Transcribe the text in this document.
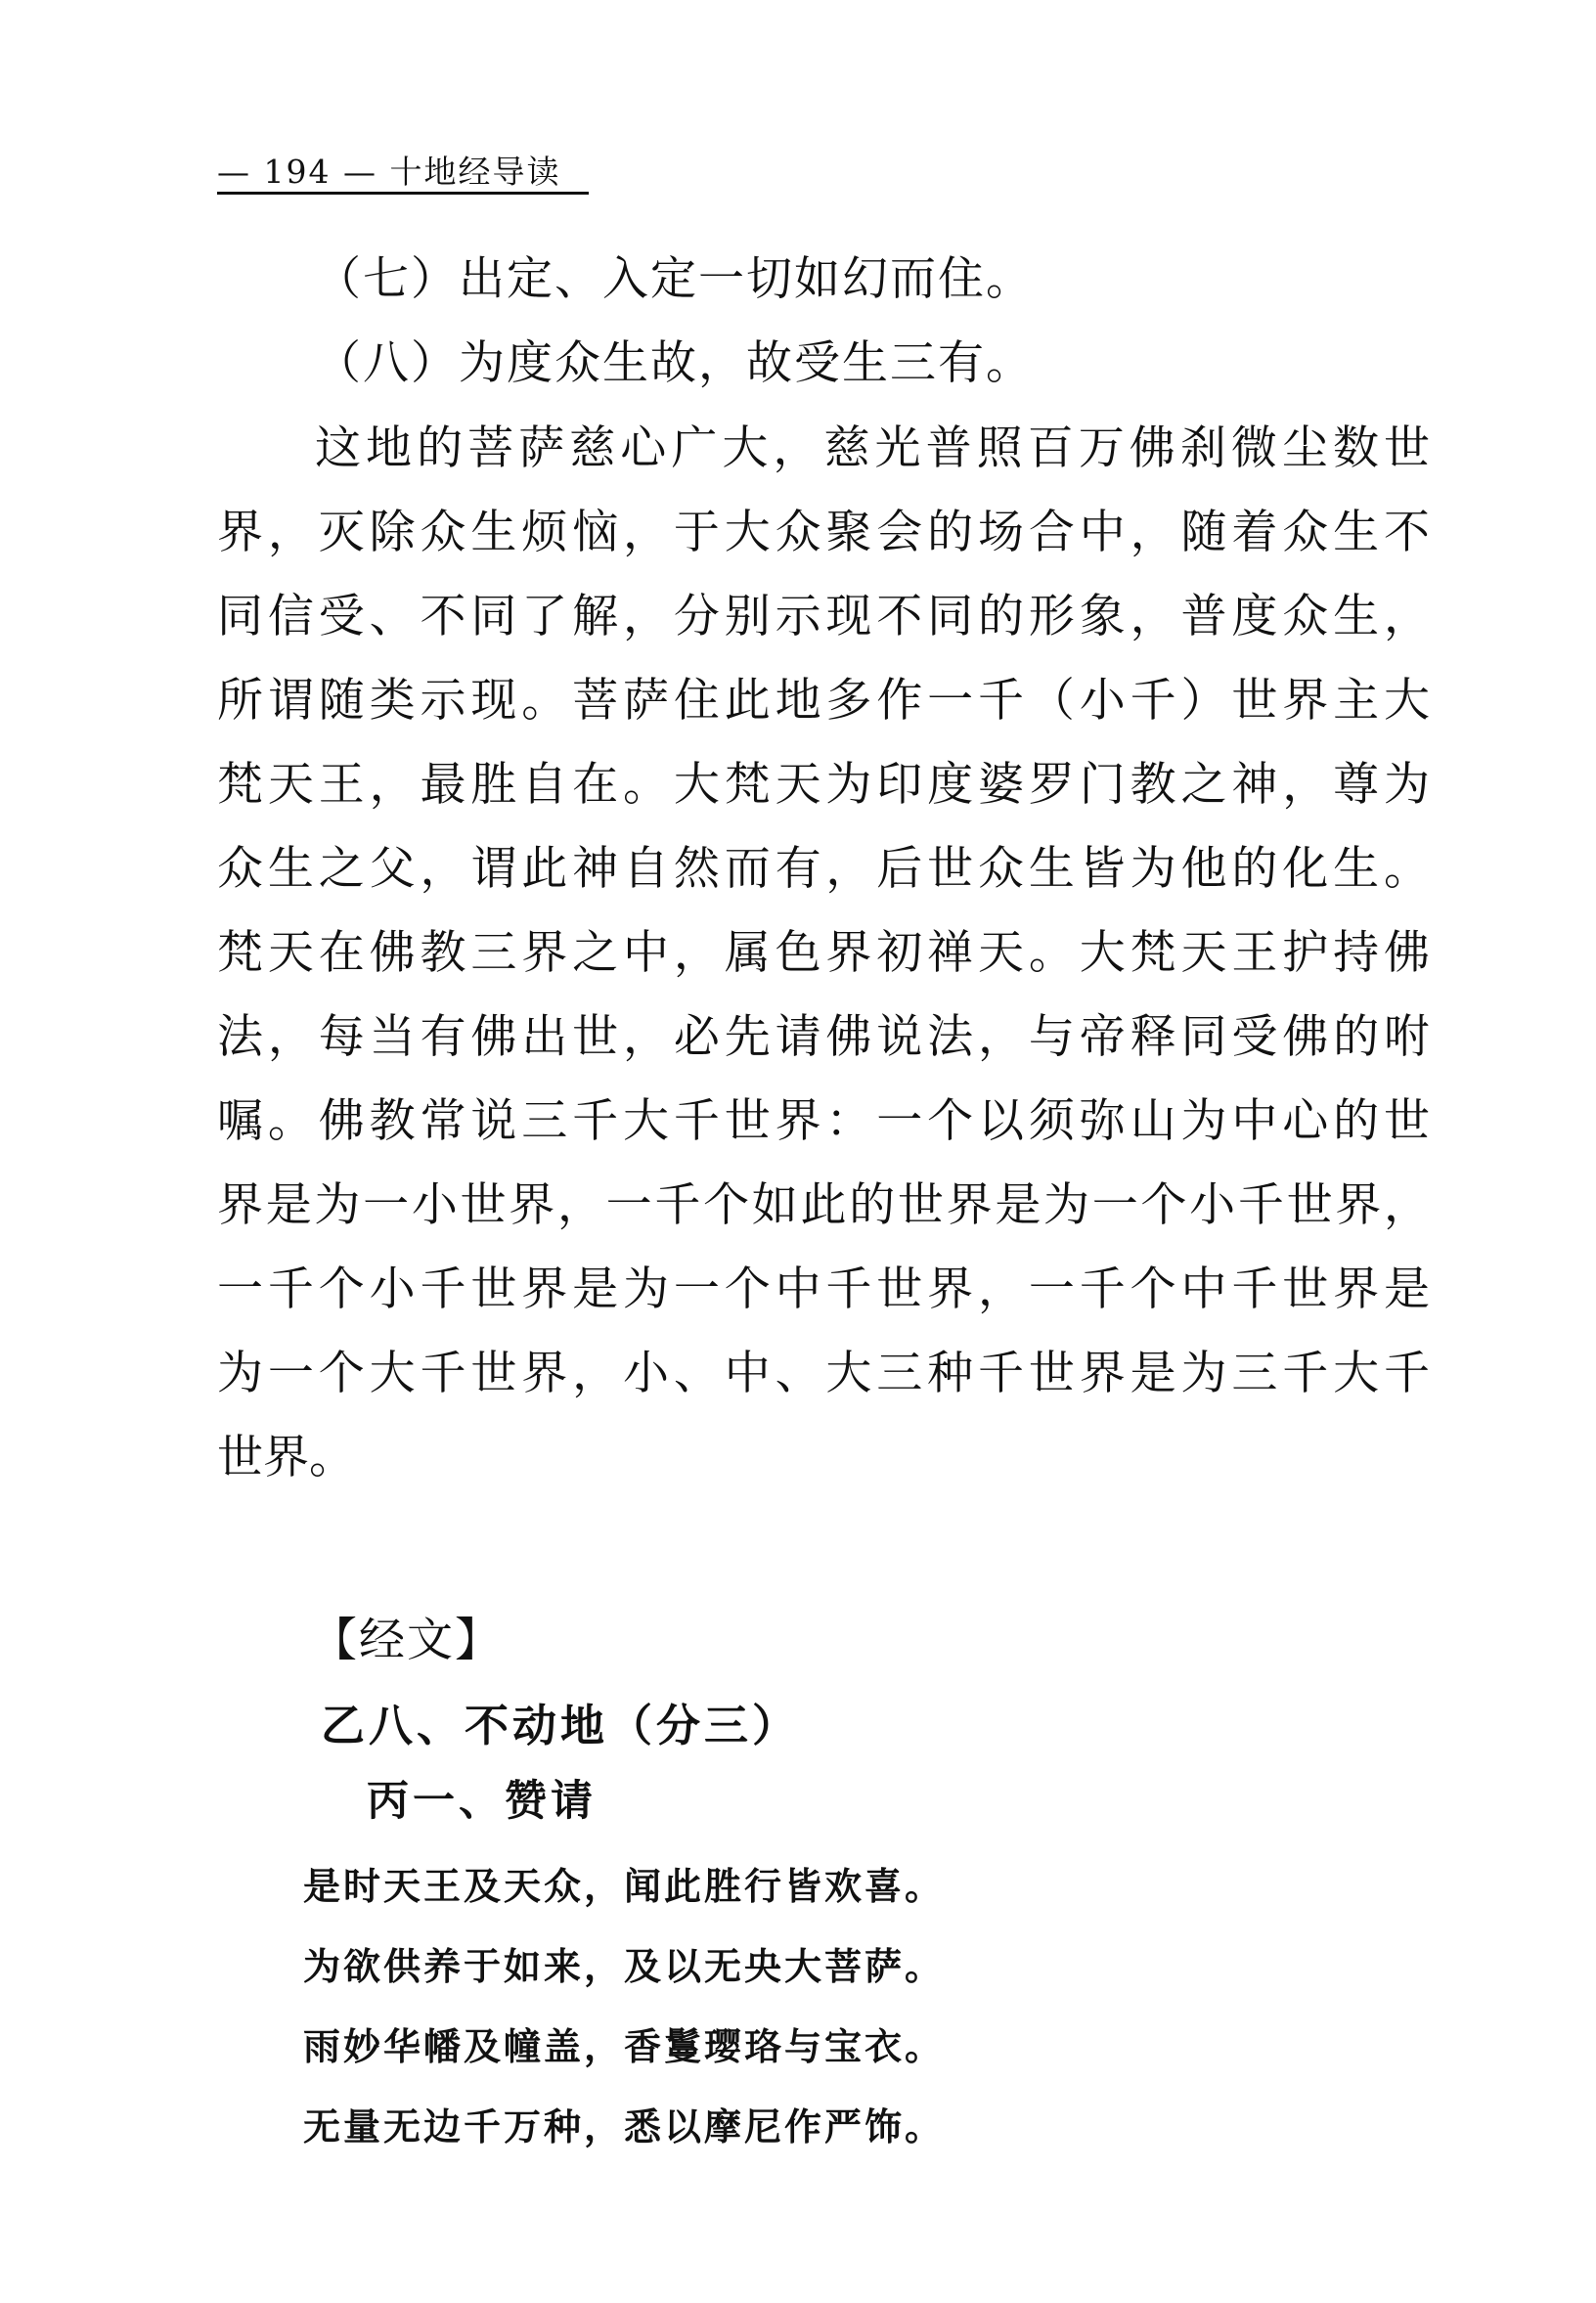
— 194 — 十地经导读
（七）出定、入定一切如幻而住。
（八）为度众生故，故受生三有。
这地的菩萨慈心广大，慈光普照百万佛刹微尘数世
界，灭除众生烦恼，于大众聚会的场合中，随着众生不
同信受、不同了解，分别示现不同的形象，普度众生，
所谓随类示现。菩萨住此地多作一千（小千）世界主大
梵天王，最胜自在。大梵天为印度婆罗门教之神，尊为
众生之父，谓此神自然而有，后世众生皆为他的化生。
梵天在佛教三界之中，属色界初禅天。大梵天王护持佛
法，每当有佛出世，必先请佛说法，与帝释同受佛的咐
嘱。佛教常说三千大千世界：一个以须弥山为中心的世
界是为一小世界，一千个如此的世界是为一个小千世界，
一千个小千世界是为一个中千世界，一千个中千世界是
为一个大千世界，小、中、大三种千世界是为三千大千
世界。
【经文】
乙八、不动地（分三）
丙一、赞请
是时天王及天众，闻此胜行皆欢喜。
为欲供养于如来，及以无央大菩萨。
雨妙华幡及幢盖，香鬘璎珞与宝衣。
无量无边千万种，悉以摩尼作严饰。
